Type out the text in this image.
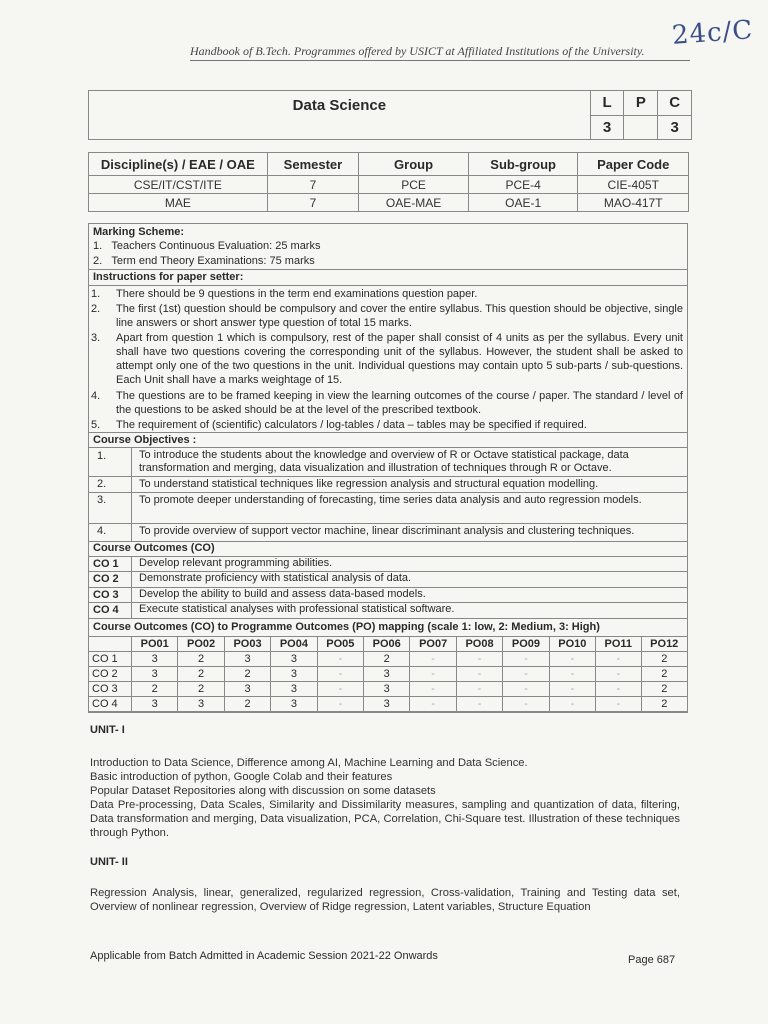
24c/C
Handbook of B.Tech. Programmes offered by USICT at Affiliated Institutions of the University.
Data Science	L	P	C
	3		3
Discipline(s) / EAE / OAE	Semester	Group	Sub-group	Paper Code
CSE/IT/CST/ITE	7	PCE	PCE-4	CIE-405T
MAE	7	OAE-MAE	OAE-1	MAO-417T
Marking Scheme:
1. Teachers Continuous Evaluation: 25 marks
2. Term end Theory Examinations: 75 marks
Instructions for paper setter:
1.	There should be 9 questions in the term end examinations question paper.
2.	The first (1st) question should be compulsory and cover the entire syllabus. This question should be objective, single line answers or short answer type question of total 15 marks.
3.	Apart from question 1 which is compulsory, rest of the paper shall consist of 4 units as per the syllabus. Every unit shall have two questions covering the corresponding unit of the syllabus. However, the student shall be asked to attempt only one of the two questions in the unit. Individual questions may contain upto 5 sub-parts / sub-questions. Each Unit shall have a marks weightage of 15.
4.	The questions are to be framed keeping in view the learning outcomes of the course / paper. The standard / level of the questions to be asked should be at the level of the prescribed textbook.
5.	The requirement of (scientific) calculators / log-tables / data – tables may be specified if required.
Course Objectives :
1.	To introduce the students about the knowledge and overview of R or Octave statistical package, data transformation and merging, data visualization and illustration of techniques through R or Octave.
2.	To understand statistical techniques like regression analysis and structural equation modelling.
3.	To promote deeper understanding of forecasting, time series data analysis and auto regression models.
4.	To provide overview of support vector machine, linear discriminant analysis and clustering techniques.
Course Outcomes (CO)
CO 1	Develop relevant programming abilities.
CO 2	Demonstrate proficiency with statistical analysis of data.
CO 3	Develop the ability to build and assess data-based models.
CO 4	Execute statistical analyses with professional statistical software.
Course Outcomes (CO) to Programme Outcomes (PO) mapping (scale 1: low, 2: Medium, 3: High)
	PO01	PO02	PO03	PO04	PO05	PO06	PO07	PO08	PO09	PO10	PO11	PO12
CO 1	3	2	3	3	-	2	-	-	-	-	-	2
CO 2	3	2	2	3	-	3	-	-	-	-	-	2
CO 3	2	2	3	3	-	3	-	-	-	-	-	2
CO 4	3	3	2	3	-	3	-	-	-	-	-	2
UNIT- I
Introduction to Data Science, Difference among AI, Machine Learning and Data Science.
Basic introduction of python, Google Colab and their features
Popular Dataset Repositories along with discussion on some datasets
Data Pre-processing, Data Scales, Similarity and Dissimilarity measures, sampling and quantization of data, filtering, Data transformation and merging, Data visualization, PCA, Correlation, Chi-Square test. Illustration of these techniques through Python.
UNIT- II
Regression Analysis, linear, generalized, regularized regression, Cross-validation, Training and Testing data set, Overview of nonlinear regression, Overview of Ridge regression, Latent variables, Structure Equation
Applicable from Batch Admitted in Academic Session 2021-22 Onwards	Page 687
